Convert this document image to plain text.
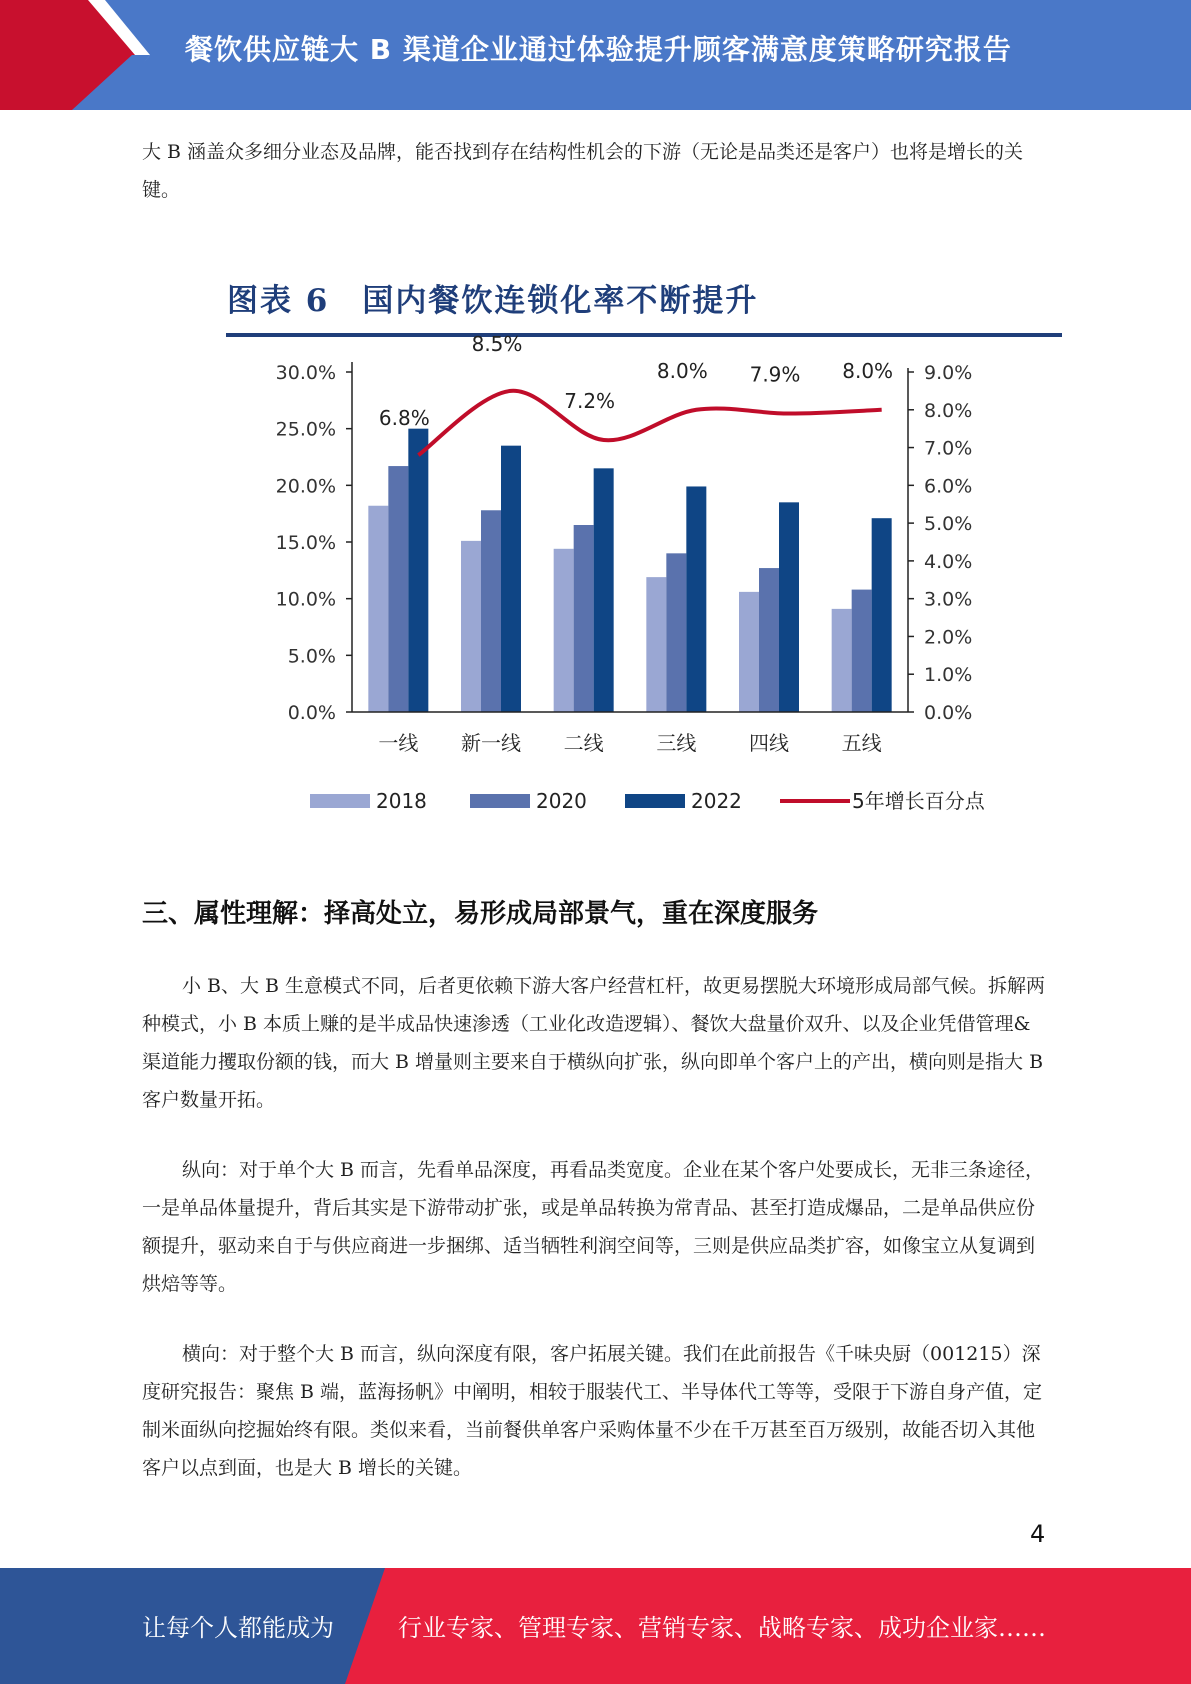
餐饮供应链大 B 渠道企业通过体验提升顾客满意度策略研究报告

大 B 涵盖众多细分业态及品牌，能否找到存在结构性机会的下游（无论是品类还是客户）也将是增长的关键。

图表 6　国内餐饮连锁化率不断提升
0.0%
5.0%
10.0%
15.0%
20.0%
25.0%
30.0%
0.0%
1.0%
2.0%
3.0%
4.0%
5.0%
6.0%
7.0%
8.0%
9.0%
6.8%
8.5%
7.2%
8.0% 7.9% 8.0%
一线 新一线 二线	三线	四线	五线
2018	2020	2022	5年增长百分点
三、属性理解：择高处立，易形成局部景气，重在深度服务

小 B、大 B 生意模式不同，后者更依赖下游大客户经营杠杆，故更易摆脱大环境形成局部气候。拆解两种模式，小 B 本质上赚的是半成品快速渗透（工业化改造逻辑）、餐饮大盘量价双升、以及企业凭借管理&渠道能力攫取份额的钱，而大 B 增量则主要来自于横纵向扩张，纵向即单个客户上的产出，横向则是指大 B 客户数量开拓。

纵向：对于单个大 B 而言，先看单品深度，再看品类宽度。企业在某个客户处要成长，无非三条途径，一是单品体量提升，背后其实是下游带动扩张，或是单品转换为常青品、甚至打造成爆品，二是单品供应份额提升，驱动来自于与供应商进一步捆绑、适当牺牲利润空间等，三则是供应品类扩容，如像宝立从复调到烘焙等等。

横向：对于整个大 B 而言，纵向深度有限，客户拓展关键。我们在此前报告《千味央厨（001215）深度研究报告：聚焦 B 端，蓝海扬帆》中阐明，相较于服装代工、半导体代工等等，受限于下游自身产值，定制米面纵向挖掘始终有限。类似来看，当前餐供单客户采购体量不少在千万甚至百万级别，故能否切入其他客户以点到面，也是大 B 增长的关键。

4
让每个人都能成为	行业专家、管理专家、营销专家、战略专家、成功企业家……
